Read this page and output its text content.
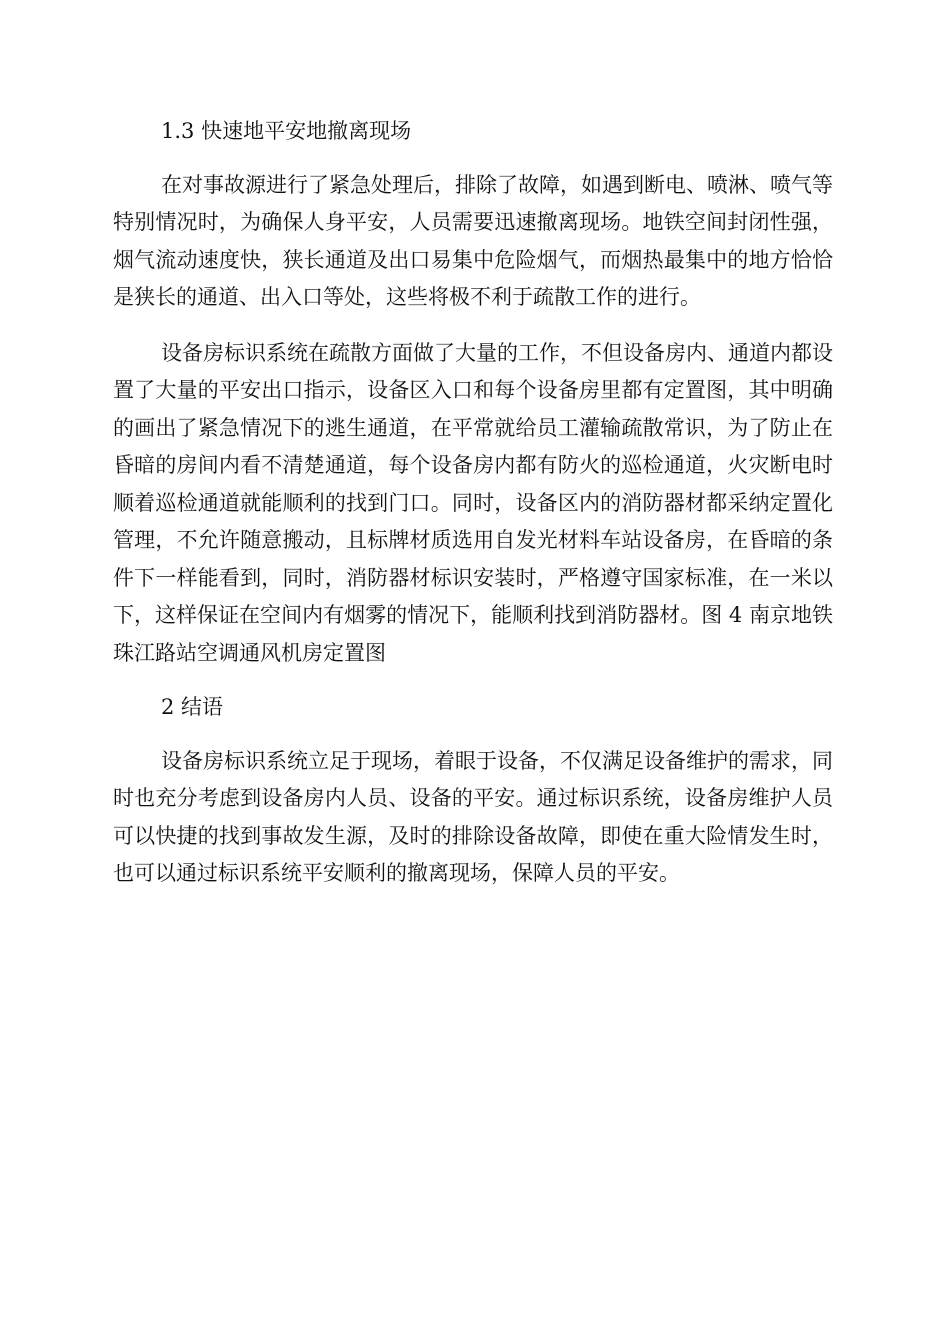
1.3 快速地平安地撤离现场

在对事故源进行了紧急处理后，排除了故障，如遇到断电、喷淋、喷气等特别情况时，为确保人身平安，人员需要迅速撤离现场。地铁空间封闭性强，烟气流动速度快，狭长通道及出口易集中危险烟气，而烟热最集中的地方恰恰是狭长的通道、出入口等处，这些将极不利于疏散工作的进行。

设备房标识系统在疏散方面做了大量的工作，不但设备房内、通道内都设置了大量的平安出口指示，设备区入口和每个设备房里都有定置图，其中明确的画出了紧急情况下的逃生通道，在平常就给员工灌输疏散常识，为了防止在昏暗的房间内看不清楚通道，每个设备房内都有防火的巡检通道，火灾断电时顺着巡检通道就能顺利的找到门口。同时，设备区内的消防器材都采纳定置化管理，不允许随意搬动，且标牌材质选用自发光材料车站设备房，在昏暗的条件下一样能看到，同时，消防器材标识安装时，严格遵守国家标准，在一米以下，这样保证在空间内有烟雾的情况下，能顺利找到消防器材。图 4 南京地铁珠江路站空调通风机房定置图

2 结语

设备房标识系统立足于现场，着眼于设备，不仅满足设备维护的需求，同时也充分考虑到设备房内人员、设备的平安。通过标识系统，设备房维护人员可以快捷的找到事故发生源，及时的排除设备故障，即使在重大险情发生时，也可以通过标识系统平安顺利的撤离现场，保障人员的平安。
